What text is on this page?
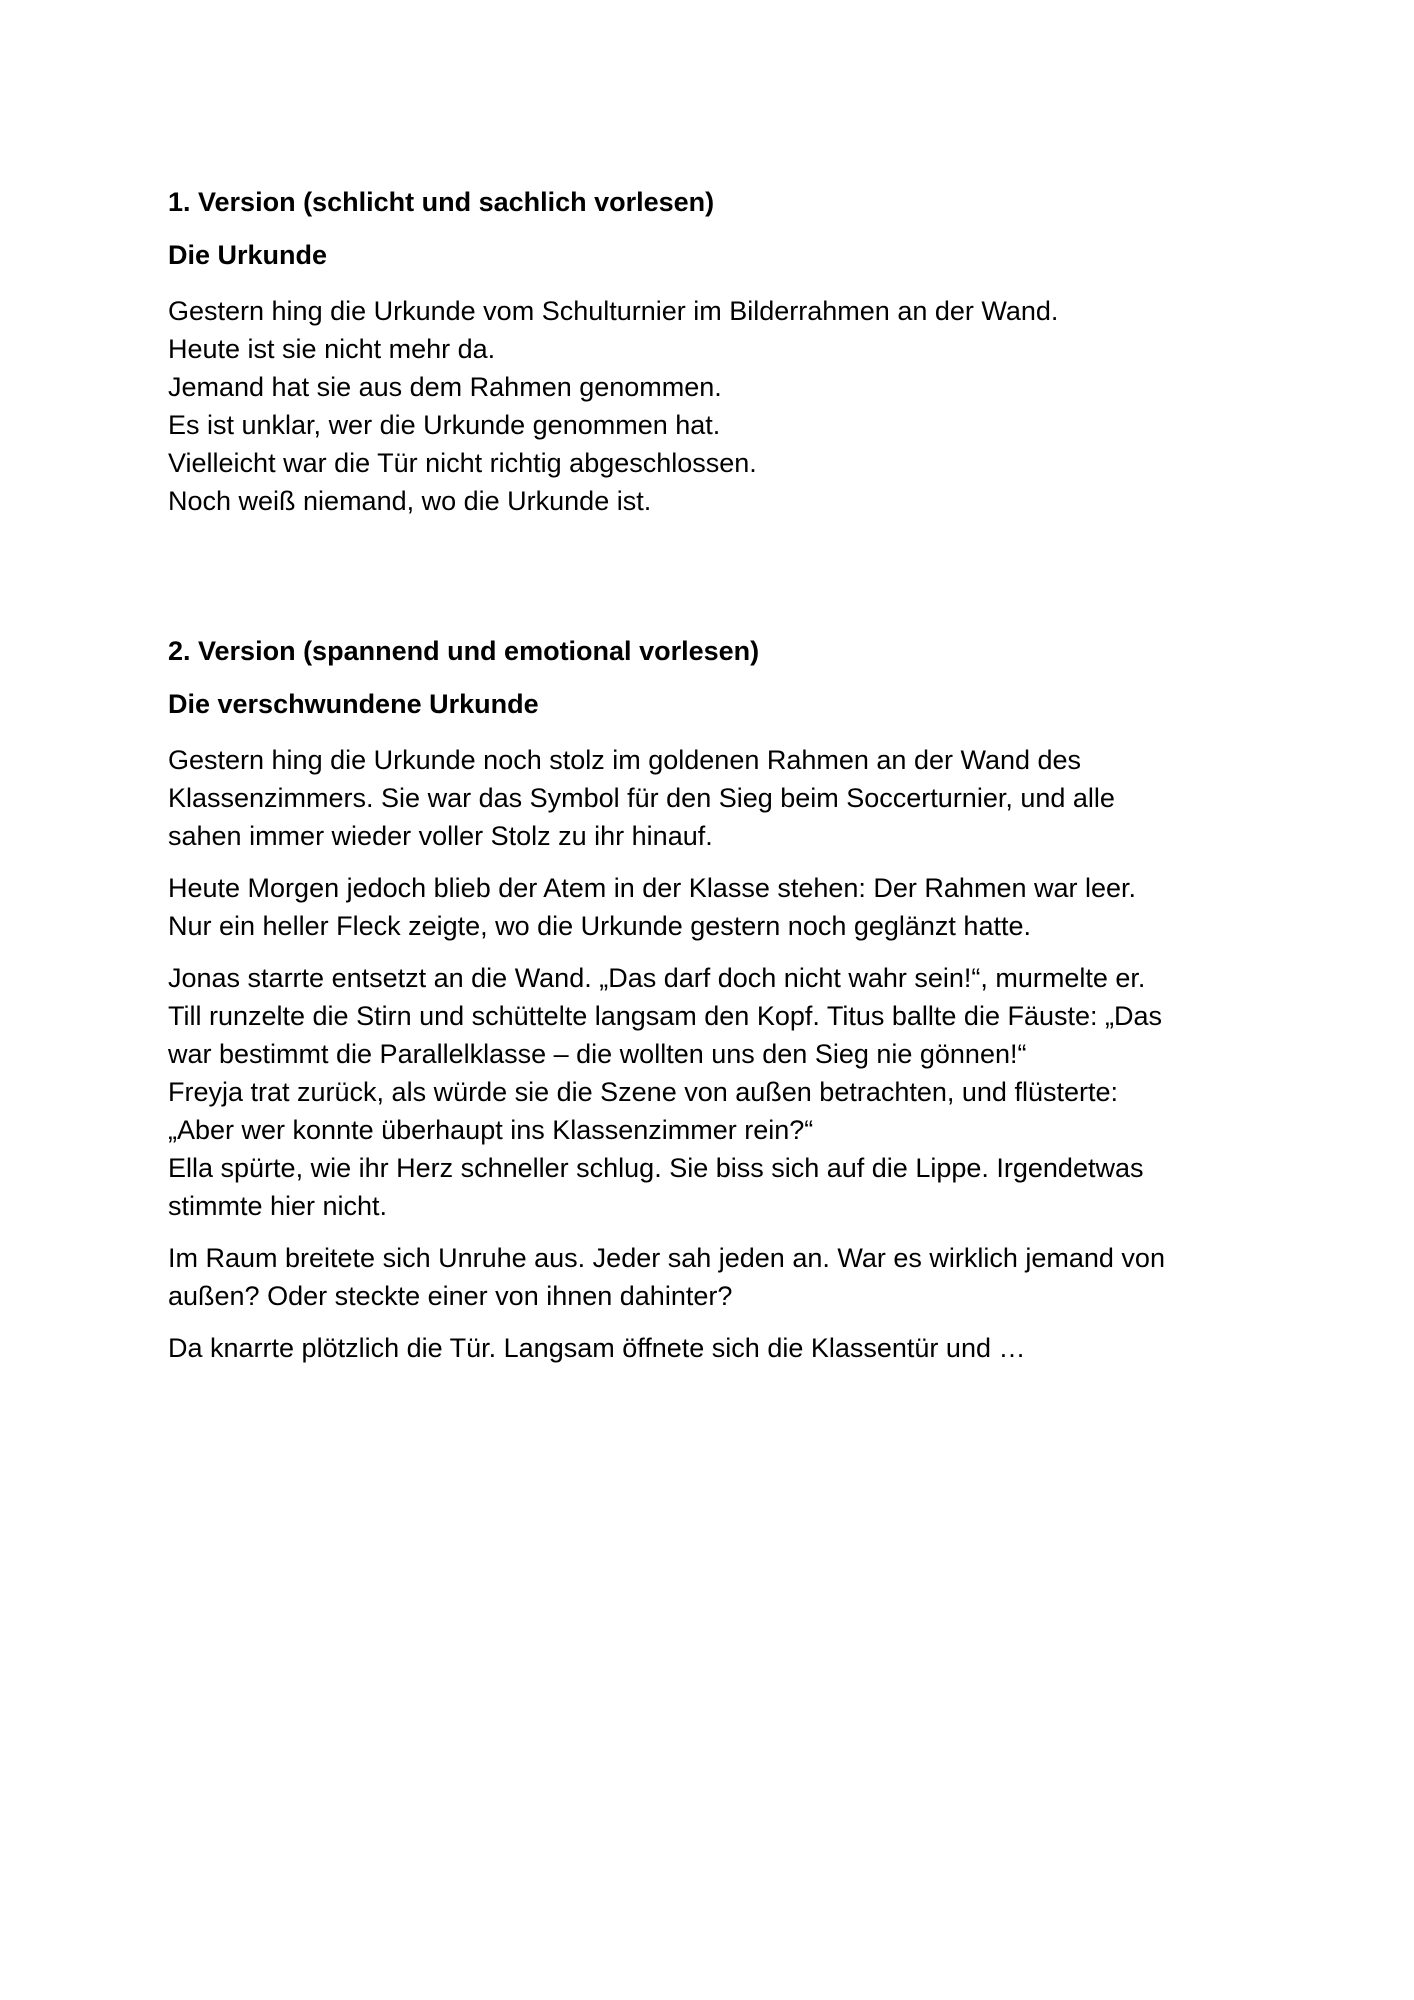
1. Version (schlicht und sachlich vorlesen)
Die Urkunde
Gestern hing die Urkunde vom Schulturnier im Bilderrahmen an der Wand.
Heute ist sie nicht mehr da.
Jemand hat sie aus dem Rahmen genommen.
Es ist unklar, wer die Urkunde genommen hat.
Vielleicht war die Tür nicht richtig abgeschlossen.
Noch weiß niemand, wo die Urkunde ist.
2. Version (spannend und emotional vorlesen)
Die verschwundene Urkunde

Gestern hing die Urkunde noch stolz im goldenen Rahmen an der Wand des
Klassenzimmers. Sie war das Symbol für den Sieg beim Soccerturnier, und alle
sahen immer wieder voller Stolz zu ihr hinauf.

Heute Morgen jedoch blieb der Atem in der Klasse stehen: Der Rahmen war leer.
Nur ein heller Fleck zeigte, wo die Urkunde gestern noch geglänzt hatte.

Jonas starrte entsetzt an die Wand. „Das darf doch nicht wahr sein!“, murmelte er.
Till runzelte die Stirn und schüttelte langsam den Kopf. Titus ballte die Fäuste: „Das
war bestimmt die Parallelklasse – die wollten uns den Sieg nie gönnen!“
Freyja trat zurück, als würde sie die Szene von außen betrachten, und flüsterte:
„Aber wer konnte überhaupt ins Klassenzimmer rein?“
Ella spürte, wie ihr Herz schneller schlug. Sie biss sich auf die Lippe. Irgendetwas
stimmte hier nicht.

Im Raum breitete sich Unruhe aus. Jeder sah jeden an. War es wirklich jemand von
außen? Oder steckte einer von ihnen dahinter?

Da knarrte plötzlich die Tür. Langsam öffnete sich die Klassentür und …
